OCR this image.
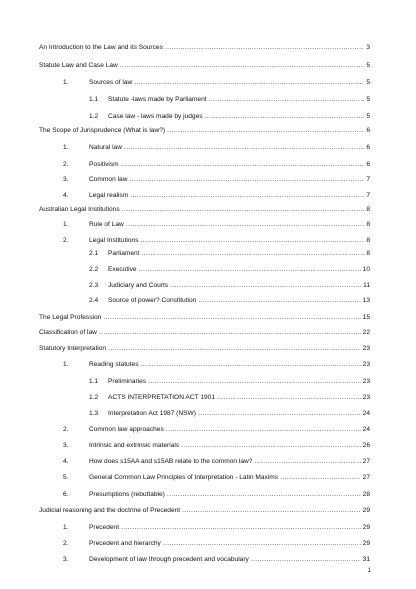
An Introduction to the Law and its Sources .....	3
Statute Law and Case Law .....	5
1.	Sources of law .....	5
1.1	Statute -laws made by Parliament .....	5
1.2	Case law - laws made by judges .....	5
The Scope of Jurisprudence (What is law?) .....	6
1.	Natural law .....	6
2.	Positivism .....	6
3.	Common law .....	7
4.	Legal realism .....	7
Australian Legal Institutions .....	8
1.	Rule of Law .....	8
2.	Legal Institutions .....	8
2.1	Parliament .....	8
2.2	Executive .....	10
2.3	Judiciary and Courts .....	11
2.4	Source of power? Constitution .....	13
The Legal Profession .....	15
Classification of law .....	22
Statutory Interpretation .....	23
1.	Reading statutes .....	23
1.1	Preliminaries .....	23
1.2	ACTS INTERPRETATION ACT 1901 .....	23
1.3	Interpretation Act 1987 (NSW) .....	24
2.	Common law approaches .....	24
3.	Intrinsic and extrinsic materials .....	26
4.	How does s15AA and s15AB relate to the common law? .....	27
5.	General Common Law Principles of Interpretation - Latin Maxims .....	27
6.	Presumptions (rebuttable) .....	28
Judicial reasoning and the doctrine of Precedent .....	29
1.	Precedent .....	29
2.	Precedent and hierarchy .....	29
3.	Development of law through precedent and vocabulary .....	31
1
